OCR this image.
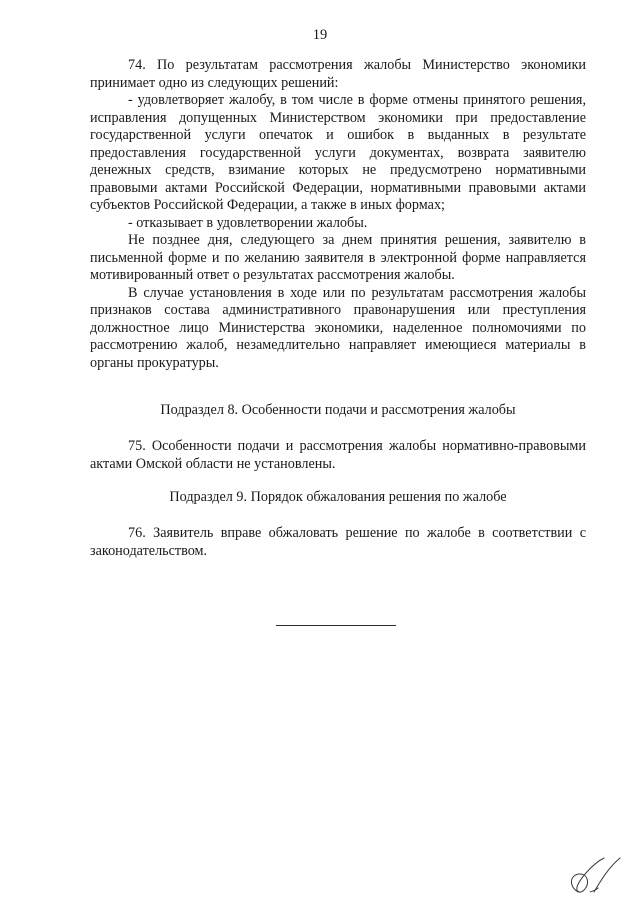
19

74. По результатам рассмотрения жалобы Министерство экономики принимает одно из следующих решений:

- удовлетворяет жалобу, в том числе в форме отмены принятого решения, исправления допущенных Министерством экономики при предоставление государственной услуги опечаток и ошибок в выданных в результате предоставления государственной услуги документах, возврата заявителю денежных средств, взимание которых не предусмотрено нормативными правовыми актами Российской Федерации, нормативными правовыми актами субъектов Российской Федерации, а также в иных формах;

- отказывает в удовлетворении жалобы.

Не позднее дня, следующего за днем принятия решения, заявителю в письменной форме и по желанию заявителя в электронной форме направляется мотивированный ответ о результатах рассмотрения жалобы.

В случае установления в ходе или по результатам рассмотрения жалобы признаков состава административного правонарушения или преступления должностное лицо Министерства экономики, наделенное полномочиями по рассмотрению жалоб, незамедлительно направляет имеющиеся материалы в органы прокуратуры.

Подраздел 8. Особенности подачи и рассмотрения жалобы

75. Особенности подачи и рассмотрения жалобы нормативно-правовыми актами Омской области не установлены.

Подраздел 9. Порядок обжалования решения по жалобе

76. Заявитель вправе обжаловать решение по жалобе в соответствии с законодательством.
